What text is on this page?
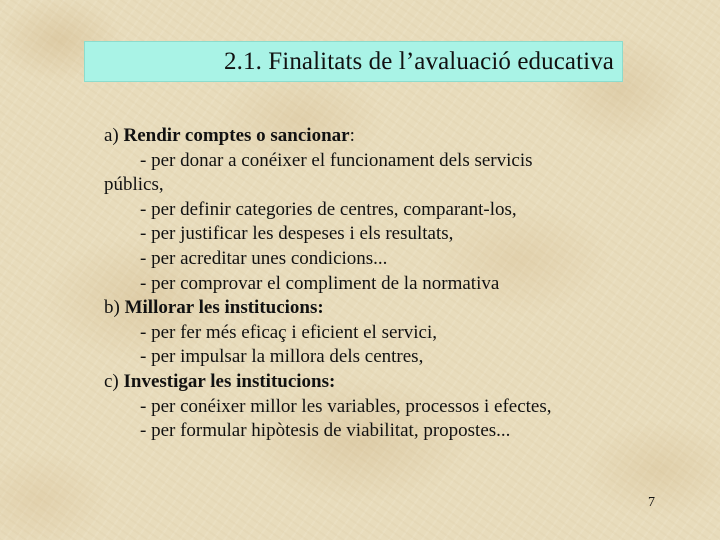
2.1. Finalitats de l’avaluació educativa
a) Rendir comptes o sancionar:
- per donar a conéixer el funcionament dels servicis
públics,
- per definir categories de centres, comparant-los,
- per justificar les despeses i els resultats,
- per acreditar unes condicions...
- per comprovar el compliment de la normativa
b) Millorar les institucions:
- per fer més eficaç i eficient el servici,
- per impulsar la millora dels centres,
c) Investigar les institucions:
- per conéixer millor les variables, processos i efectes,
- per formular hipòtesis de viabilitat, propostes...
7
